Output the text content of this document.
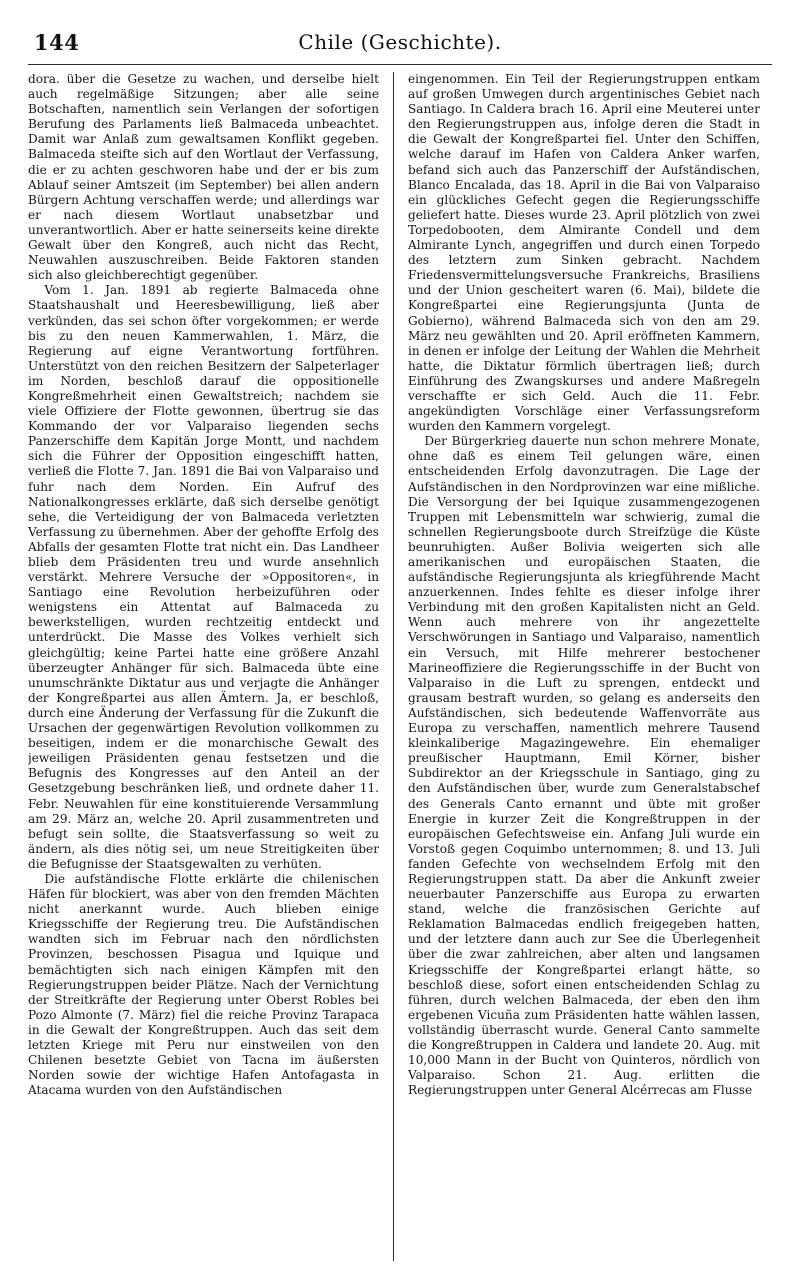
144	Chile (Geschichte).

dora. über die Gesetze zu wachen, und derselbe hielt auch regelmäßige Sitzungen; aber alle seine Botschaften, namentlich sein Verlangen der sofortigen Berufung des Parlaments ließ Balmaceda unbeachtet. Damit war Anlaß zum gewaltsamen Konflikt gegeben. Balmaceda steifte sich auf den Wortlaut der Verfassung, die er zu achten geschworen habe und der er bis zum Ablauf seiner Amtszeit (im September) bei allen andern Bürgern Achtung verschaffen werde; und allerdings war er nach diesem Wortlaut unabsetzbar und unverantwortlich. Aber er hatte seinerseits keine direkte Gewalt über den Kongreß, auch nicht das Recht, Neuwahlen auszuschreiben. Beide Faktoren standen sich also gleichberechtigt gegenüber.

Vom 1. Jan. 1891 ab regierte Balmaceda ohne Staatshaushalt und Heeresbewilligung, ließ aber verkünden, das sei schon öfter vorgekommen; er werde bis zu den neuen Kammerwahlen, 1. März, die Regierung auf eigne Verantwortung fortführen. Unterstützt von den reichen Besitzern der Salpeterlager im Norden, beschloß darauf die oppositionelle Kongreßmehrheit einen Gewaltstreich; nachdem sie viele Offiziere der Flotte gewonnen, übertrug sie das Kommando der vor Valparaiso liegenden sechs Panzerschiffe dem Kapitän Jorge Montt, und nachdem sich die Führer der Opposition eingeschifft hatten, verließ die Flotte 7. Jan. 1891 die Bai von Valparaiso und fuhr nach dem Norden. Ein Aufruf des Nationalkongresses erklärte, daß sich derselbe genötigt sehe, die Verteidigung der von Balmaceda verletzten Verfassung zu übernehmen. Aber der gehoffte Erfolg des Abfalls der gesamten Flotte trat nicht ein. Das Landheer blieb dem Präsidenten treu und wurde ansehnlich verstärkt. Mehrere Versuche der »Oppositoren«, in Santiago eine Revolution herbeizuführen oder wenigstens ein Attentat auf Balmaceda zu bewerkstelligen, wurden rechtzeitig entdeckt und unterdrückt. Die Masse des Volkes verhielt sich gleichgültig; keine Partei hatte eine größere Anzahl überzeugter Anhänger für sich. Balmaceda übte eine unumschränkte Diktatur aus und verjagte die Anhänger der Kongreßpartei aus allen Ämtern. Ja, er beschloß, durch eine Änderung der Verfassung für die Zukunft die Ursachen der gegenwärtigen Revolution vollkommen zu beseitigen, indem er die monarchische Gewalt des jeweiligen Präsidenten genau festsetzen und die Befugnis des Kongresses auf den Anteil an der Gesetzgebung beschränken ließ, und ordnete daher 11. Febr. Neuwahlen für eine konstituierende Versammlung am 29. März an, welche 20. April zusammentreten und befugt sein sollte, die Staatsverfassung so weit zu ändern, als dies nötig sei, um neue Streitigkeiten über die Befugnisse der Staatsgewalten zu verhüten.

Die aufständische Flotte erklärte die chilenischen Häfen für blockiert, was aber von den fremden Mächten nicht anerkannt wurde. Auch blieben einige Kriegsschiffe der Regierung treu. Die Aufständischen wandten sich im Februar nach den nördlichsten Provinzen, beschossen Pisagua und Iquique und bemächtigten sich nach einigen Kämpfen mit den Regierungstruppen beider Plätze. Nach der Vernichtung der Streitkräfte der Regierung unter Oberst Robles bei Pozo Almonte (7. März) fiel die reiche Provinz Tarapaca in die Gewalt der Kongreßtruppen. Auch das seit dem letzten Kriege mit Peru nur einstweilen von den Chilenen besetzte Gebiet von Tacna im äußersten Norden sowie der wichtige Hafen Antofagasta in Atacama wurden von den Aufständischen

eingenommen. Ein Teil der Regierungstruppen entkam auf großen Umwegen durch argentinisches Gebiet nach Santiago. In Caldera brach 16. April eine Meuterei unter den Regierungstruppen aus, infolge deren die Stadt in die Gewalt der Kongreßpartei fiel. Unter den Schiffen, welche darauf im Hafen von Caldera Anker warfen, befand sich auch das Panzerschiff der Aufständischen, Blanco Encalada, das 18. April in die Bai von Valparaiso ein glückliches Gefecht gegen die Regierungsschiffe geliefert hatte. Dieses wurde 23. April plötzlich von zwei Torpedobooten, dem Almirante Condell und dem Almirante Lynch, angegriffen und durch einen Torpedo des letztern zum Sinken gebracht. Nachdem Friedensvermittelungsversuche Frankreichs, Brasiliens und der Union gescheitert waren (6. Mai), bildete die Kongreßpartei eine Regierungsjunta (Junta de Gobierno), während Balmaceda sich von den am 29. März neu gewählten und 20. April eröffneten Kammern, in denen er infolge der Leitung der Wahlen die Mehrheit hatte, die Diktatur förmlich übertragen ließ; durch Einführung des Zwangskurses und andere Maßregeln verschaffte er sich Geld. Auch die 11. Febr. angekündigten Vorschläge einer Verfassungsreform wurden den Kammern vorgelegt.

Der Bürgerkrieg dauerte nun schon mehrere Monate, ohne daß es einem Teil gelungen wäre, einen entscheidenden Erfolg davonzutragen. Die Lage der Aufständischen in den Nordprovinzen war eine mißliche. Die Versorgung der bei Iquique zusammengezogenen Truppen mit Lebensmitteln war schwierig, zumal die schnellen Regierungsboote durch Streifzüge die Küste beunruhigten. Außer Bolivia weigerten sich alle amerikanischen und europäischen Staaten, die aufständische Regierungsjunta als kriegführende Macht anzuerkennen. Indes fehlte es dieser infolge ihrer Verbindung mit den großen Kapitalisten nicht an Geld. Wenn auch mehrere von ihr angezettelte Verschwörungen in Santiago und Valparaiso, namentlich ein Versuch, mit Hilfe mehrerer bestochener Marineoffiziere die Regierungsschiffe in der Bucht von Valparaiso in die Luft zu sprengen, entdeckt und grausam bestraft wurden, so gelang es anderseits den Aufständischen, sich bedeutende Waffenvorräte aus Europa zu verschaffen, namentlich mehrere Tausend kleinkaliberige Magazingewehre. Ein ehemaliger preußischer Hauptmann, Emil Körner, bisher Subdirektor an der Kriegsschule in Santiago, ging zu den Aufständischen über, wurde zum Generalstabschef des Generals Canto ernannt und übte mit großer Energie in kurzer Zeit die Kongreßtruppen in der europäischen Gefechtsweise ein. Anfang Juli wurde ein Vorstoß gegen Coquimbo unternommen; 8. und 13. Juli fanden Gefechte von wechselndem Erfolg mit den Regierungstruppen statt. Da aber die Ankunft zweier neuerbauter Panzerschiffe aus Europa zu erwarten stand, welche die französischen Gerichte auf Reklamation Balmacedas endlich freigegeben hatten, und der letztere dann auch zur See die Überlegenheit über die zwar zahlreichen, aber alten und langsamen Kriegsschiffe der Kongreßpartei erlangt hätte, so beschloß diese, sofort einen entscheidenden Schlag zu führen, durch welchen Balmaceda, der eben den ihm ergebenen Vicuña zum Präsidenten hatte wählen lassen, vollständig überrascht wurde. General Canto sammelte die Kongreßtruppen in Caldera und landete 20. Aug. mit 10,000 Mann in der Bucht von Quinteros, nördlich von Valparaiso. Schon 21. Aug. erlitten die Regierungstruppen unter General Alcérrecas am Flusse
